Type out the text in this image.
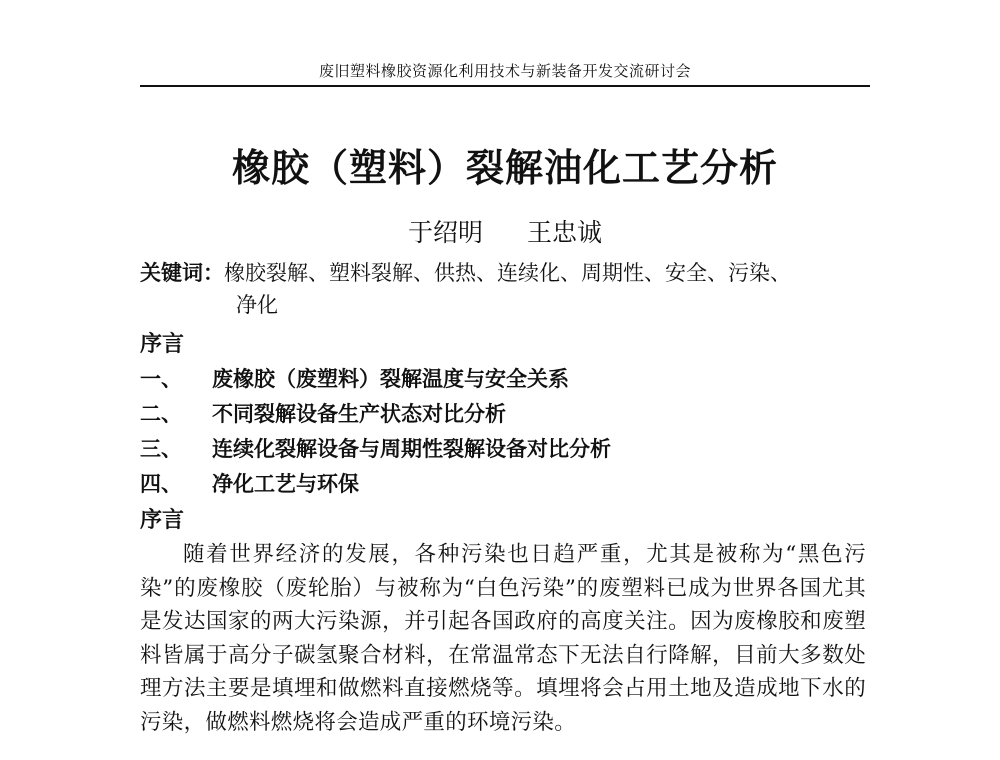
废旧塑料橡胶资源化利用技术与新装备开发交流研讨会
橡胶（塑料）裂解油化工艺分析
于绍明 王忠诚
关键词：橡胶裂解、塑料裂解、供热、连续化、周期性、安全、污染、
净化
序言
一、 废橡胶（废塑料）裂解温度与安全关系
二、 不同裂解设备生产状态对比分析
三、 连续化裂解设备与周期性裂解设备对比分析
四、 净化工艺与环保
序言
随着世界经济的发展，各种污染也日趋严重，尤其是被称为“黑色污染”的废橡胶（废轮胎）与被称为“白色污染”的废塑料已成为世界各国尤其是发达国家的两大污染源，并引起各国政府的高度关注。因为废橡胶和废塑料皆属于高分子碳氢聚合材料，在常温常态下无法自行降解，目前大多数处理方法主要是填埋和做燃料直接燃烧等。填埋将会占用土地及造成地下水的污染，做燃料燃烧将会造成严重的环境污染。
